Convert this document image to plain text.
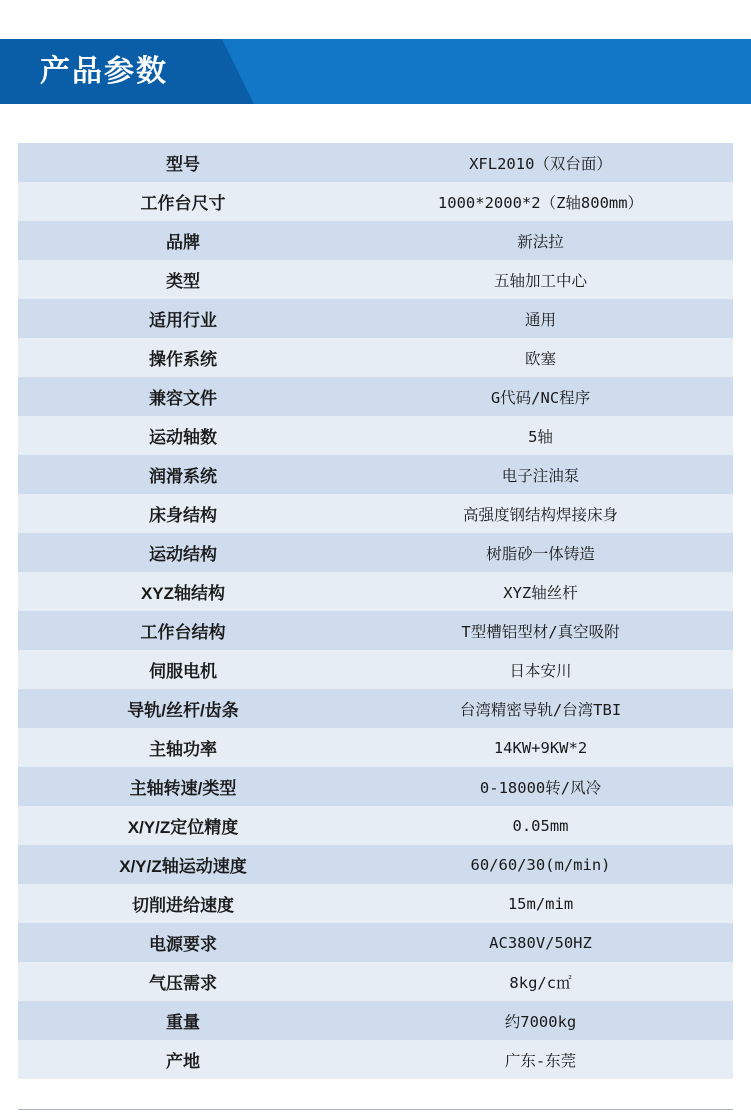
产品参数
型号	XFL2010（双台面）
工作台尺寸	1000*2000*2（Z轴800mm）
品牌	新法拉
类型	五轴加工中心
适用行业	通用
操作系统	欧塞
兼容文件	G代码/NC程序
运动轴数	5轴
润滑系统	电子注油泵
床身结构	高强度钢结构焊接床身
运动结构	树脂砂一体铸造
XYZ轴结构	XYZ轴丝杆
工作台结构	T型槽铝型材/真空吸附
伺服电机	日本安川
导轨/丝杆/齿条	台湾精密导轨/台湾TBI
主轴功率	14KW+9KW*2
主轴转速/类型	0-18000转/风冷
X/Y/Z定位精度	0.05mm
X/Y/Z轴运动速度	60/60/30(m/min)
切削进给速度	15m/mim
电源要求	AC380V/50HZ
气压需求	8kg/c㎡
重量	约7000kg
产地	广东-东莞
